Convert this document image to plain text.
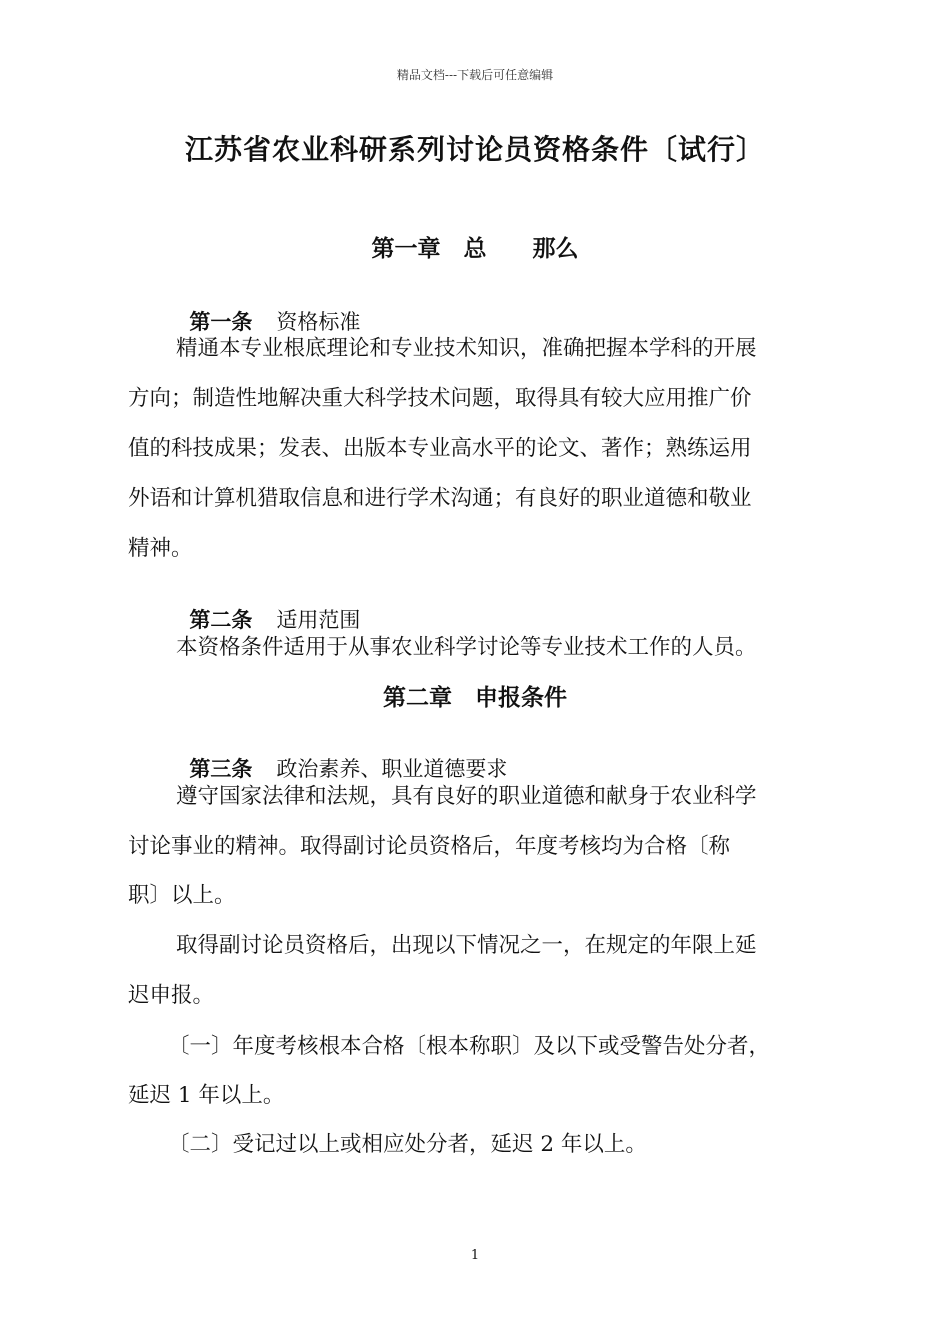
精品文档---下载后可任意编辑
江苏省农业科研系列讨论员资格条件〔试行〕
第一章　总　　那么

第一条 资格标准

精通本专业根底理论和专业技术知识，准确把握本学科的开展
方向；制造性地解决重大科学技术问题，取得具有较大应用推广价
值的科技成果；发表、出版本专业高水平的论文、著作；熟练运用
外语和计算机猎取信息和进行学术沟通；有良好的职业道德和敬业
精神。

第二条 适用范围

本资格条件适用于从事农业科学讨论等专业技术工作的人员。
第二章　申报条件

第三条 政治素养、职业道德要求

遵守国家法律和法规，具有良好的职业道德和献身于农业科学
讨论事业的精神。取得副讨论员资格后，年度考核均为合格〔称
职〕以上。
取得副讨论员资格后，出现以下情况之一，在规定的年限上延
迟申报。
〔一〕年度考核根本合格〔根本称职〕及以下或受警告处分者，
延迟 1 年以上。
〔二〕受记过以上或相应处分者，延迟 2 年以上。
1
